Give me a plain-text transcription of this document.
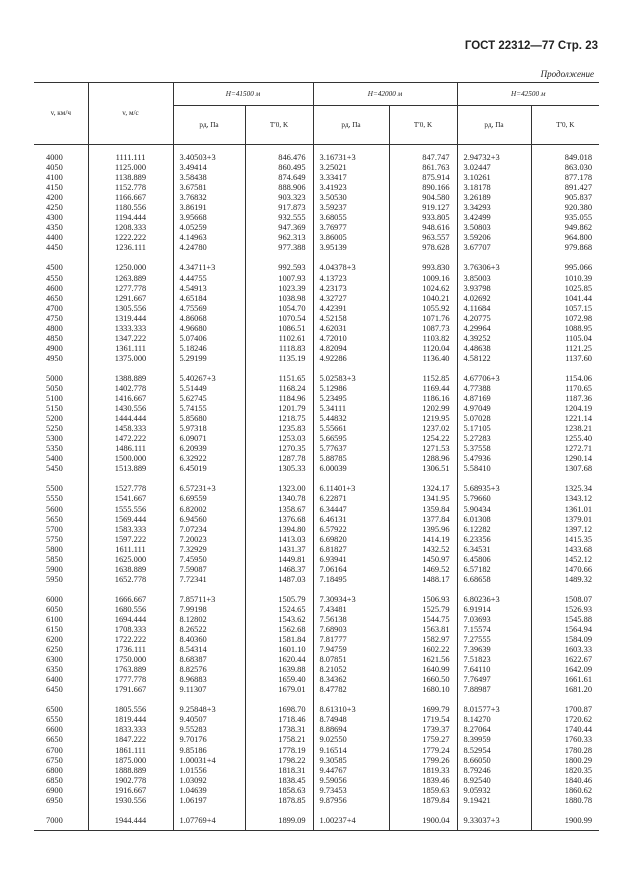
ГОСТ 22312—77 Стр. 23
Продолжение
v, км/ч	v, м/с	H=41500 м		H=42000 м		H=42500 м	
		pд, Па	T′0, K	pд, Па	T′0, K	pд, Па	T′0, K
4000	1111.111	3.40503+3	846.476	3.16731+3	847.747	2.94732+3	849.018
4050	1125.000	3.49414	860.495	3.25021	861.763	3.02447	863.030
4100	1138.889	3.58438	874.649	3.33417	875.914	3.10261	877.178
4150	1152.778	3.67581	888.906	3.41923	890.166	3.18178	891.427
4200	1166.667	3.76832	903.323	3.50530	904.580	3.26189	905.837
4250	1180.556	3.86191	917.873	3.59237	919.127	3.34293	920.380
4300	1194.444	3.95668	932.555	3.68055	933.805	3.42499	935.055
4350	1208.333	4.05259	947.369	3.76977	948.616	3.50803	949.862
4400	1222.222	4.14963	962.313	3.86005	963.557	3.59206	964.800
4450	1236.111	4.24780	977.388	3.95139	978.628	3.67707	979.868

4500	1250.000	4.34711+3	992.593	4.04378+3	993.830	3.76306+3	995.066
4550	1263.889	4.44755	1007.93	4.13723	1009.16	3.85003	1010.39
4600	1277.778	4.54913	1023.39	4.23173	1024.62	3.93798	1025.85
4650	1291.667	4.65184	1038.98	4.32727	1040.21	4.02692	1041.44
4700	1305.556	4.75569	1054.70	4.42391	1055.92	4.11684	1057.15
4750	1319.444	4.86068	1070.54	4.52158	1071.76	4.20775	1072.98
4800	1333.333	4.96680	1086.51	4.62031	1087.73	4.29964	1088.95
4850	1347.222	5.07406	1102.61	4.72010	1103.82	4.39252	1105.04
4900	1361.111	5.18246	1118.83	4.82094	1120.04	4.48638	1121.25
4950	1375.000	5.29199	1135.19	4.92286	1136.40	4.58122	1137.60

5000	1388.889	5.40267+3	1151.65	5.02583+3	1152.85	4.67706+3	1154.06
5050	1402.778	5.51449	1168.24	5.12986	1169.44	4.77388	1170.65
5100	1416.667	5.62745	1184.96	5.23495	1186.16	4.87169	1187.36
5150	1430.556	5.74155	1201.79	5.34111	1202.99	4.97049	1204.19
5200	1444.444	5.85680	1218.75	5.44832	1219.95	5.07028	1221.14
5250	1458.333	5.97318	1235.83	5.55661	1237.02	5.17105	1238.21
5300	1472.222	6.09071	1253.03	5.66595	1254.22	5.27283	1255.40
5350	1486.111	6.20939	1270.35	5.77637	1271.53	5.37558	1272.71
5400	1500.000	6.32922	1287.78	5.88785	1288.96	5.47936	1290.14
5450	1513.889	6.45019	1305.33	6.00039	1306.51	5.58410	1307.68

5500	1527.778	6.57231+3	1323.00	6.11401+3	1324.17	5.68935+3	1325.34
5550	1541.667	6.69559	1340.78	6.22871	1341.95	5.79660	1343.12
5600	1555.556	6.82002	1358.67	6.34447	1359.84	5.90434	1361.01
5650	1569.444	6.94560	1376.68	6.46131	1377.84	6.01308	1379.01
5700	1583.333	7.07234	1394.80	6.57922	1395.96	6.12282	1397.12
5750	1597.222	7.20023	1413.03	6.69820	1414.19	6.23356	1415.35
5800	1611.111	7.32929	1431.37	6.81827	1432.52	6.34531	1433.68
5850	1625.000	7.45950	1449.81	6.93941	1450.97	6.45806	1452.12
5900	1638.889	7.59087	1468.37	7.06164	1469.52	6.57182	1470.66
5950	1652.778	7.72341	1487.03	7.18495	1488.17	6.68658	1489.32

6000	1666.667	7.85711+3	1505.79	7.30934+3	1506.93	6.80236+3	1508.07
6050	1680.556	7.99198	1524.65	7.43481	1525.79	6.91914	1526.93
6100	1694.444	8.12802	1543.62	7.56138	1544.75	7.03693	1545.88
6150	1708.333	8.26522	1562.68	7.68903	1563.81	7.15574	1564.94
6200	1722.222	8.40360	1581.84	7.81777	1582.97	7.27555	1584.09
6250	1736.111	8.54314	1601.10	7.94759	1602.22	7.39639	1603.33
6300	1750.000	8.68387	1620.44	8.07851	1621.56	7.51823	1622.67
6350	1763.889	8.82576	1639.88	8.21052	1640.99	7.64110	1642.09
6400	1777.778	8.96883	1659.40	8.34362	1660.50	7.76497	1661.61
6450	1791.667	9.11307	1679.01	8.47782	1680.10	7.88987	1681.20

6500	1805.556	9.25848+3	1698.70	8.61310+3	1699.79	8.01577+3	1700.87
6550	1819.444	9.40507	1718.46	8.74948	1719.54	8.14270	1720.62
6600	1833.333	9.55283	1738.31	8.88694	1739.37	8.27064	1740.44
6650	1847.222	9.70176	1758.21	9.02550	1759.27	8.39959	1760.33
6700	1861.111	9.85186	1778.19	9.16514	1779.24	8.52954	1780.28
6750	1875.000	1.00031+4	1798.22	9.30585	1799.26	8.66050	1800.29
6800	1888.889	1.01556	1818.31	9.44767	1819.33	8.79246	1820.35
6850	1902.778	1.03092	1838.45	9.59056	1839.46	8.92540	1840.46
6900	1916.667	1.04639	1858.63	9.73453	1859.63	9.05932	1860.62
6950	1930.556	1.06197	1878.85	9.87956	1879.84	9.19421	1880.78

7000	1944.444	1.07769+4	1899.09	1.00237+4	1900.04	9.33037+3	1900.99
